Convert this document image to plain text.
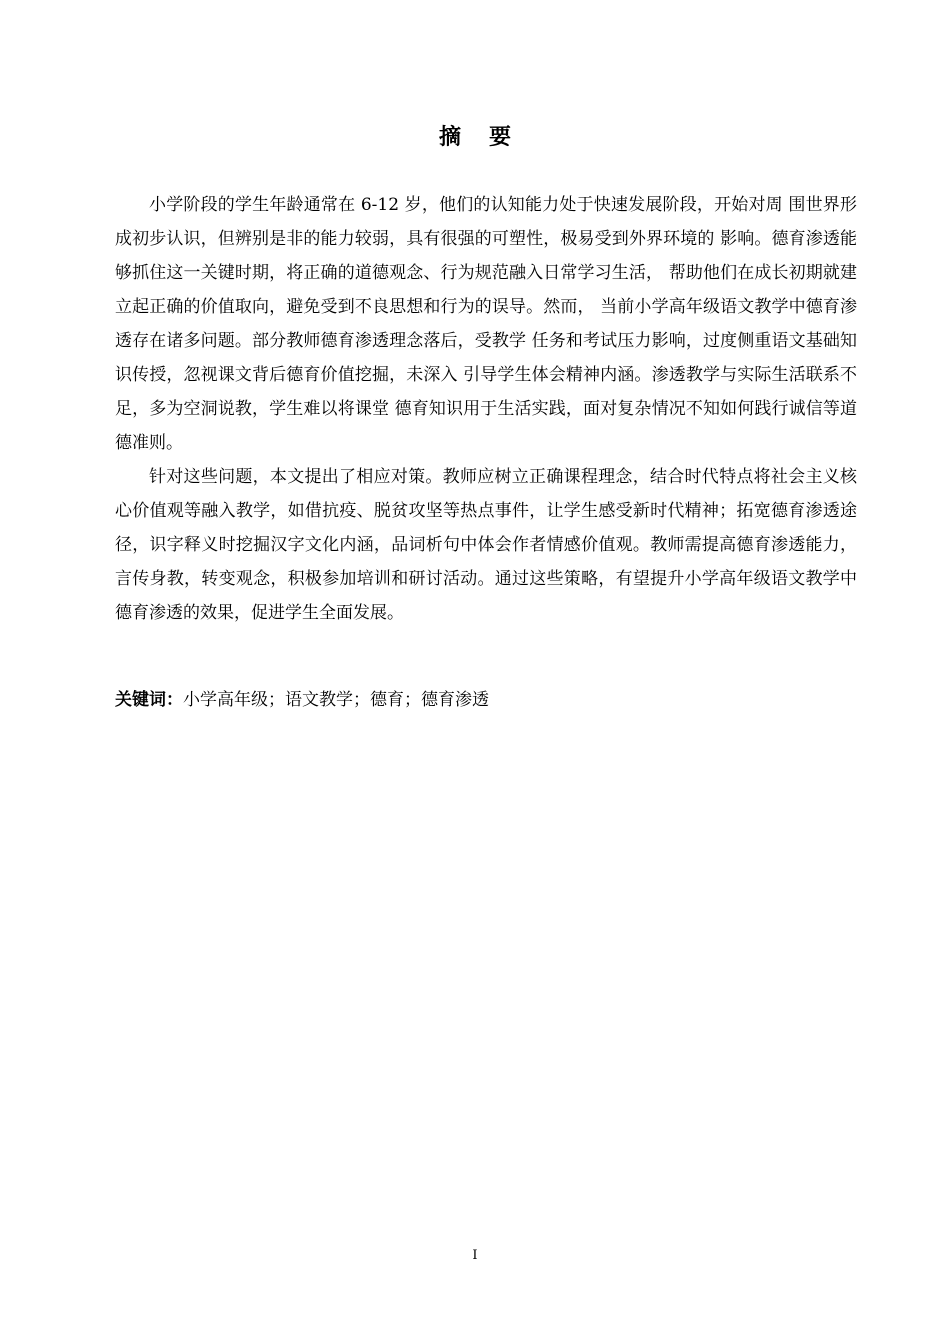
摘要

小学阶段的学生年龄通常在 6-12 岁，他们的认知能力处于快速发展阶段，开始对周 围世界形成初步认识，但辨别是非的能力较弱，具有很强的可塑性，极易受到外界环境的 影响。德育渗透能够抓住这一关键时期，将正确的道德观念、行为规范融入日常学习生活， 帮助他们在成长初期就建立起正确的价值取向，避免受到不良思想和行为的误导。然而， 当前小学高年级语文教学中德育渗透存在诸多问题。部分教师德育渗透理念落后，受教学 任务和考试压力影响，过度侧重语文基础知识传授，忽视课文背后德育价值挖掘，未深入 引导学生体会精神内涵。渗透教学与实际生活联系不足，多为空洞说教，学生难以将课堂 德育知识用于生活实践，面对复杂情况不知如何践行诚信等道德准则。

针对这些问题，本文提出了相应对策。教师应树立正确课程理念，结合时代特点将社会主义核心价值观等融入教学，如借抗疫、脱贫攻坚等热点事件，让学生感受新时代精神；拓宽德育渗透途径，识字释义时挖掘汉字文化内涵，品词析句中体会作者情感价值观。教师需提高德育渗透能力，言传身教，转变观念，积极参加培训和研讨活动。通过这些策略，有望提升小学高年级语文教学中德育渗透的效果，促进学生全面发展。

关键词：小学高年级；语文教学；德育；德育渗透
I
